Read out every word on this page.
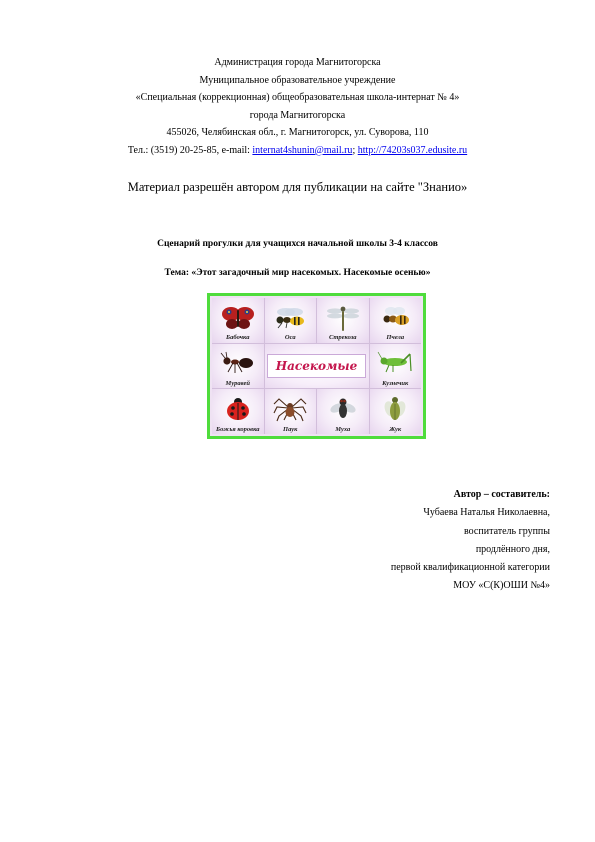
Администрация города Магнитогорска
Муниципальное образовательное учреждение
«Специальная (коррекционная) общеобразовательная школа-интернат № 4»
города Магнитогорска
455026, Челябинская обл., г. Магнитогорск, ул. Суворова, 110
Тел.: (3519) 20-25-85, e-mail: internat4shunin@mail.ru; http://74203s037.edusite.ru
Материал разрешён автором для публикации на сайте "Знанио»
Сценарий прогулки для учащихся начальной школы 3-4 классов
Тема: «Этот загадочный мир насекомых. Насекомые осенью»
Бабочка	Оса	Стрекоза	Пчела
Муравей
Насекомые
Кузнечик
Божья коровка	Паук	Муха	Жук
Автор – составитель:
Чубаева Наталья Николаевна,
воспитатель группы
продлённого дня,
первой квалификационной категории
МОУ «С(К)ОШИ №4»
